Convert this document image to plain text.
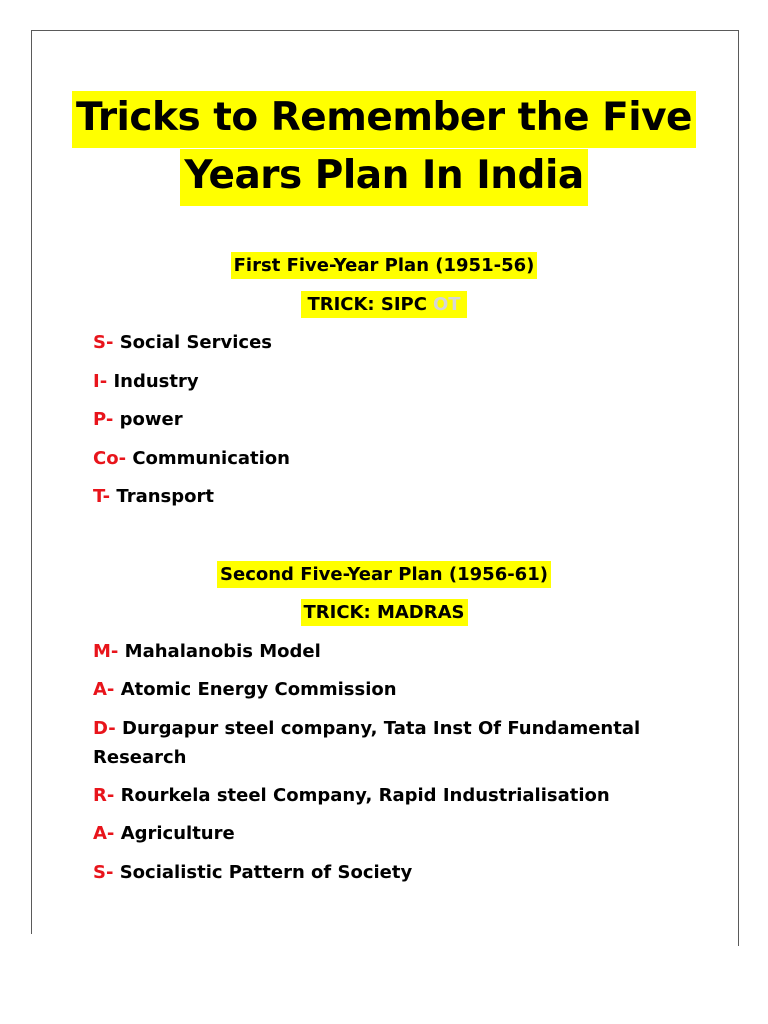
Tricks to Remember the Five
Years Plan In India
First Five-Year Plan (1951-56)
TRICK: SIPC OT
S- Social Services
I- Industry
P- power
Co- Communication
T- Transport
Second Five-Year Plan (1956-61)
TRICK: MADRAS
M- Mahalanobis Model
A- Atomic Energy Commission
D- Durgapur steel company, Tata Inst Of Fundamental Research
R- Rourkela steel Company, Rapid Industrialisation
A- Agriculture
S- Socialistic Pattern of Society
